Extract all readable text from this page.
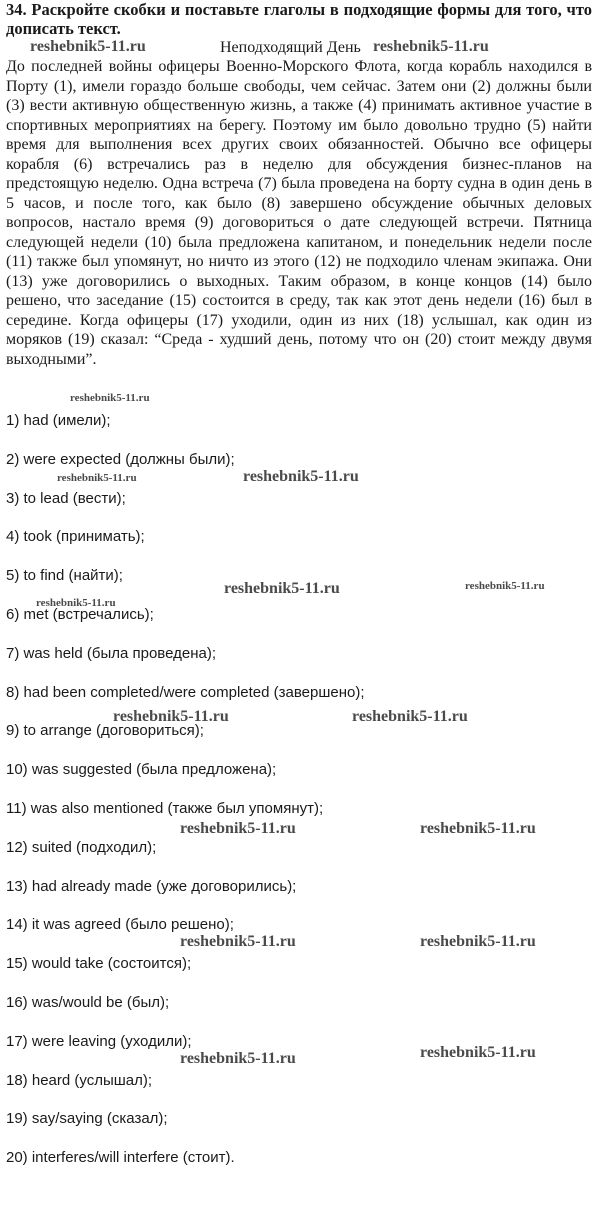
34. Раскройте скобки и поставьте глаголы в подходящие формы для того, что дописать текст.
Неподходящий День
До последней войны офицеры Военно-Морского Флота, когда корабль находился в Порту (1), имели гораздо больше свободы, чем сейчас. Затем они (2) должны были (3) вести активную общественную жизнь, а также (4) принимать активное участие в спортивных мероприятиях на берегу. Поэтому им было довольно трудно (5) найти время для выполнения всех других своих обязанностей. Обычно все офицеры корабля (6) встречались раз в неделю для обсуждения бизнес-планов на предстоящую неделю. Одна встреча (7) была проведена на борту судна в один день в 5 часов, и после того, как было (8) завершено обсуждение обычных деловых вопросов, настало время (9) договориться о дате следующей встречи. Пятница следующей недели (10) была предложена капитаном, и понедельник недели после (11) также был упомянут, но ничто из этого (12) не подходило членам экипажа. Они (13) уже договорились о выходных. Таким образом, в конце концов (14) было решено, что заседание (15) состоится в среду, так как этот день недели (16) был в середине. Когда офицеры (17) уходили, один из них (18) услышал, как один из моряков (19) сказал: “Среда - худший день, потому что он (20) стоит между двумя выходными”.
1) had (имели);
2) were expected (должны были);
3) to lead (вести);
4) took (принимать);
5) to find (найти);
6) met (встречались);
7) was held (была проведена);
8) had been completed/were completed (завершено);
9) to arrange (договориться);
10) was suggested (была предложена);
11) was also mentioned (также был упомянут);
12) suited (подходил);
13) had already made (уже договорились);
14) it was agreed (было решено);
15) would take (состоится);
16) was/would be (был);
17) were leaving (уходили);
18) heard (услышал);
19) say/saying (сказал);
20) interferes/will interfere (стоит).
reshebnik5-11.ru	reshebnik5-11.ru
reshebnik5-11.ru
reshebnik5-11.ru	reshebnik5-11.ru
reshebnik5-11.ru	reshebnik5-11.ru
reshebnik5-11.ru
reshebnik5-11.ru	reshebnik5-11.ru
reshebnik5-11.ru	reshebnik5-11.ru
reshebnik5-11.ru	reshebnik5-11.ru
reshebnik5-11.ru	reshebnik5-11.ru
